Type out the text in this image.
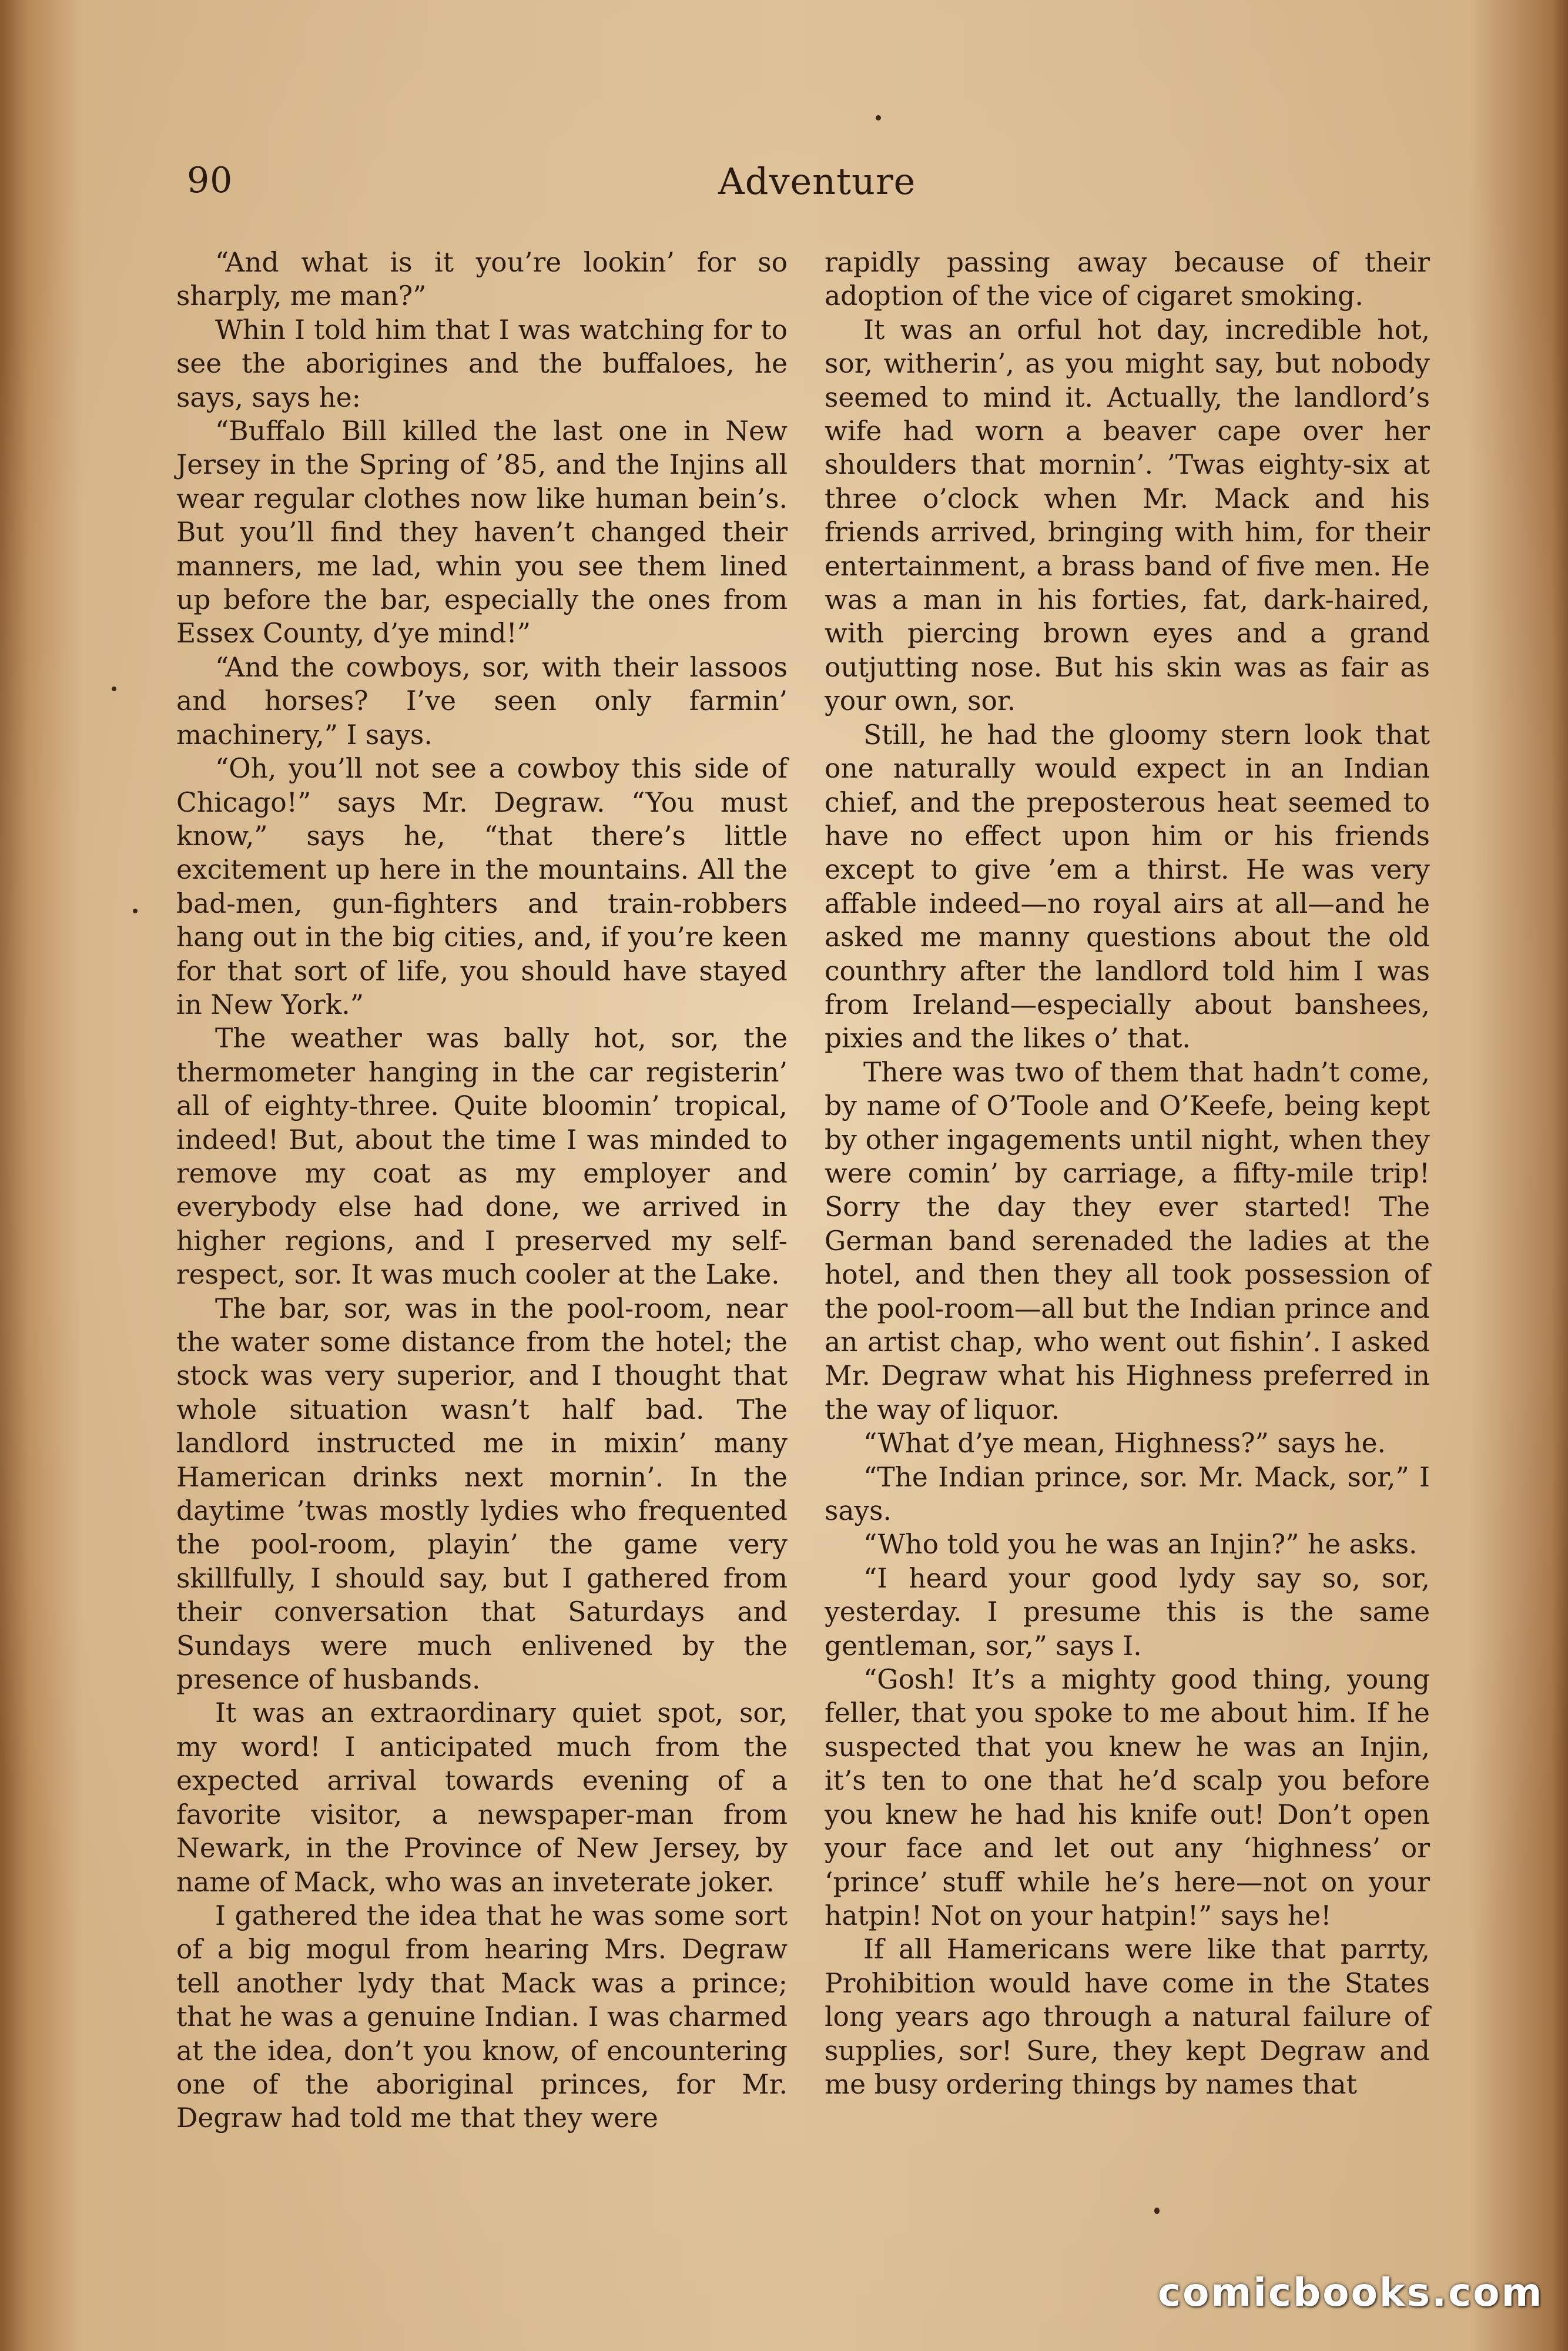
90	Adventure

“And what is it you’re lookin’ for so sharply, me man?”

Whin I told him that I was watching for to see the aborigines and the buffaloes, he says, says he:

“Buffalo Bill killed the last one in New Jersey in the Spring of ’85, and the Injins all wear regular clothes now like human bein’s. But you’ll find they haven’t changed their manners, me lad, whin you see them lined up before the bar, especially the ones from Essex County, d’ye mind!”

“And the cowboys, sor, with their lassoos and horses? I’ve seen only farmin’ machinery,” I says.

“Oh, you’ll not see a cowboy this side of Chicago!” says Mr. Degraw. “You must know,” says he, “that there’s little excitement up here in the mountains. All the bad-men, gun-fighters and train-robbers hang out in the big cities, and, if you’re keen for that sort of life, you should have stayed in New York.”

The weather was bally hot, sor, the thermometer hanging in the car registerin’ all of eighty-three. Quite bloomin’ tropical, indeed! But, about the time I was minded to remove my coat as my employer and everybody else had done, we arrived in higher regions, and I preserved my self-respect, sor. It was much cooler at the Lake.

The bar, sor, was in the pool-room, near the water some distance from the hotel; the stock was very superior, and I thought that whole situation wasn’t half bad. The landlord instructed me in mixin’ many Hamerican drinks next mornin’. In the daytime ’twas mostly lydies who frequented the pool-room, playin’ the game very skillfully, I should say, but I gathered from their conversation that Saturdays and Sundays were much enlivened by the presence of husbands.

It was an extraordinary quiet spot, sor, my word! I anticipated much from the expected arrival towards evening of a favorite visitor, a newspaper-man from Newark, in the Province of New Jersey, by name of Mack, who was an inveterate joker.

I gathered the idea that he was some sort of a big mogul from hearing Mrs. Degraw tell another lydy that Mack was a prince; that he was a genuine Indian. I was charmed at the idea, don’t you know, of encountering one of the aboriginal princes, for Mr. Degraw had told me that they were

rapidly passing away because of their adoption of the vice of cigaret smoking.

It was an orful hot day, incredible hot, sor, witherin’, as you might say, but nobody seemed to mind it. Actually, the landlord’s wife had worn a beaver cape over her shoulders that mornin’. ’Twas eighty-six at three o’clock when Mr. Mack and his friends arrived, bringing with him, for their entertainment, a brass band of five men. He was a man in his forties, fat, dark-haired, with piercing brown eyes and a grand outjutting nose. But his skin was as fair as your own, sor.

Still, he had the gloomy stern look that one naturally would expect in an Indian chief, and the preposterous heat seemed to have no effect upon him or his friends except to give ’em a thirst. He was very affable indeed—no royal airs at all—and he asked me manny questions about the old counthry after the landlord told him I was from Ireland—especially about banshees, pixies and the likes o’ that.

There was two of them that hadn’t come, by name of O’Toole and O’Keefe, being kept by other ingagements until night, when they were comin’ by carriage, a fifty-mile trip! Sorry the day they ever started! The German band serenaded the ladies at the hotel, and then they all took possession of the pool-room—all but the Indian prince and an artist chap, who went out fishin’. I asked Mr. Degraw what his Highness preferred in the way of liquor.

“What d’ye mean, Highness?” says he.

“The Indian prince, sor. Mr. Mack, sor,” I says.

“Who told you he was an Injin?” he asks.

“I heard your good lydy say so, sor, yesterday. I presume this is the same gentleman, sor,” says I.

“Gosh! It’s a mighty good thing, young feller, that you spoke to me about him. If he suspected that you knew he was an Injin, it’s ten to one that he’d scalp you before you knew he had his knife out! Don’t open your face and let out any ‘highness’ or ‘prince’ stuff while he’s here—not on your hatpin! Not on your hatpin!” says he!

If all Hamericans were like that parrty, Prohibition would have come in the States long years ago through a natural failure of supplies, sor! Sure, they kept Degraw and me busy ordering things by names that

comicbooks.com
